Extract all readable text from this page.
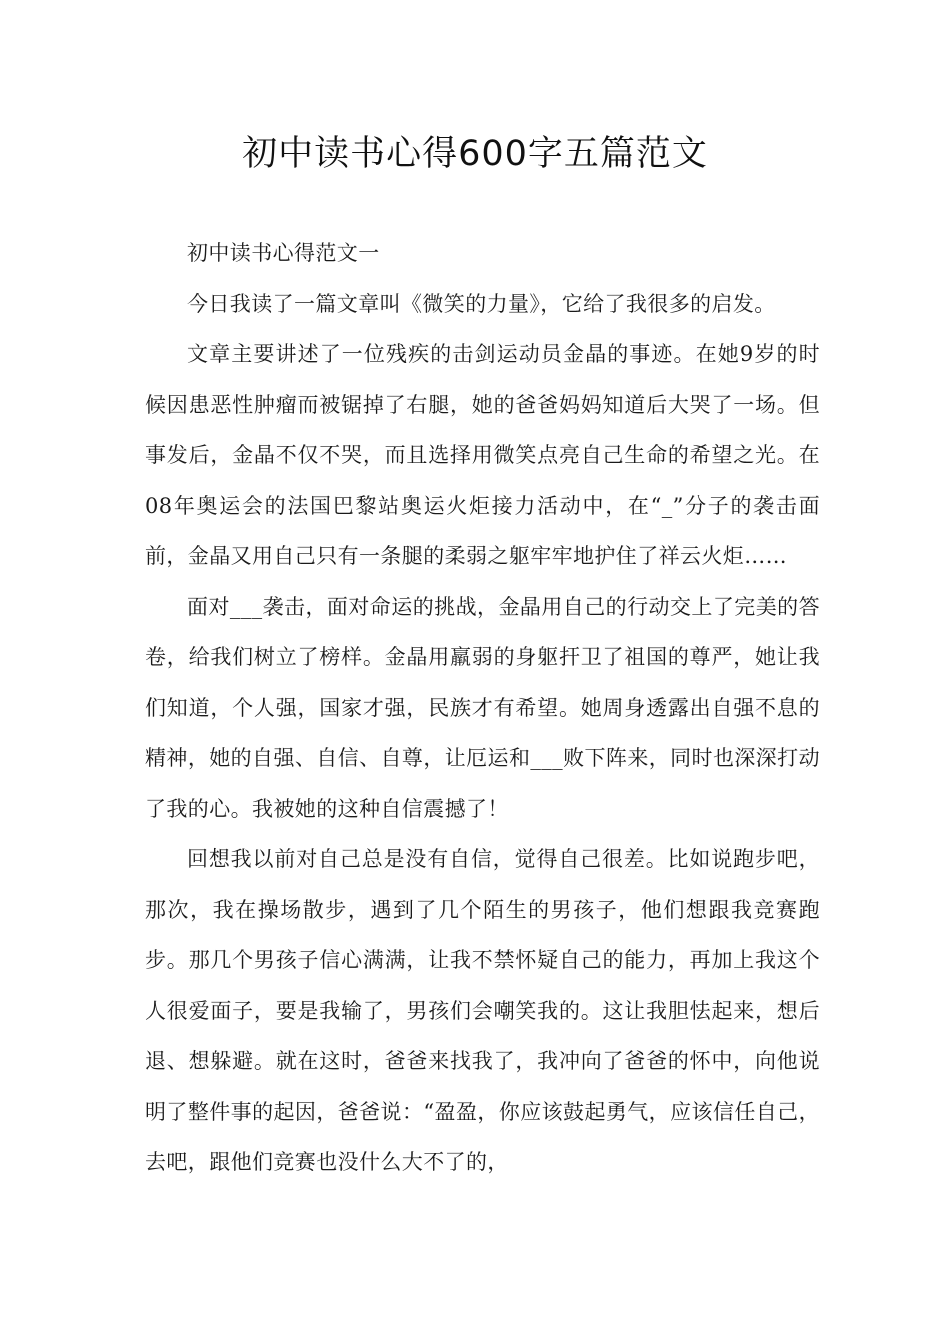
初中读书心得600字五篇范文

初中读书心得范文一

今日我读了一篇文章叫《微笑的力量》，它给了我很多的启发。

文章主要讲述了一位残疾的击剑运动员金晶的事迹。在她9岁的时候因患恶性肿瘤而被锯掉了右腿，她的爸爸妈妈知道后大哭了一场。但事发后，金晶不仅不哭，而且选择用微笑点亮自己生命的希望之光。在08年奥运会的法国巴黎站奥运火炬接力活动中，在“_”分子的袭击面前，金晶又用自己只有一条腿的柔弱之躯牢牢地护住了祥云火炬……

面对___袭击，面对命运的挑战，金晶用自己的行动交上了完美的答卷，给我们树立了榜样。金晶用羸弱的身躯扞卫了祖国的尊严，她让我们知道，个人强，国家才强，民族才有希望。她周身透露出自强不息的精神，她的自强、自信、自尊，让厄运和___败下阵来，同时也深深打动了我的心。我被她的这种自信震撼了！

回想我以前对自己总是没有自信，觉得自己很差。比如说跑步吧，那次，我在操场散步，遇到了几个陌生的男孩子，他们想跟我竞赛跑步。那几个男孩子信心满满，让我不禁怀疑自己的能力，再加上我这个人很爱面子，要是我输了，男孩们会嘲笑我的。这让我胆怯起来，想后退、想躲避。就在这时，爸爸来找我了，我冲向了爸爸的怀中，向他说明了整件事的起因，爸爸说：“盈盈，你应该鼓起勇气，应该信任自己，去吧，跟他们竞赛也没什么大不了的，
